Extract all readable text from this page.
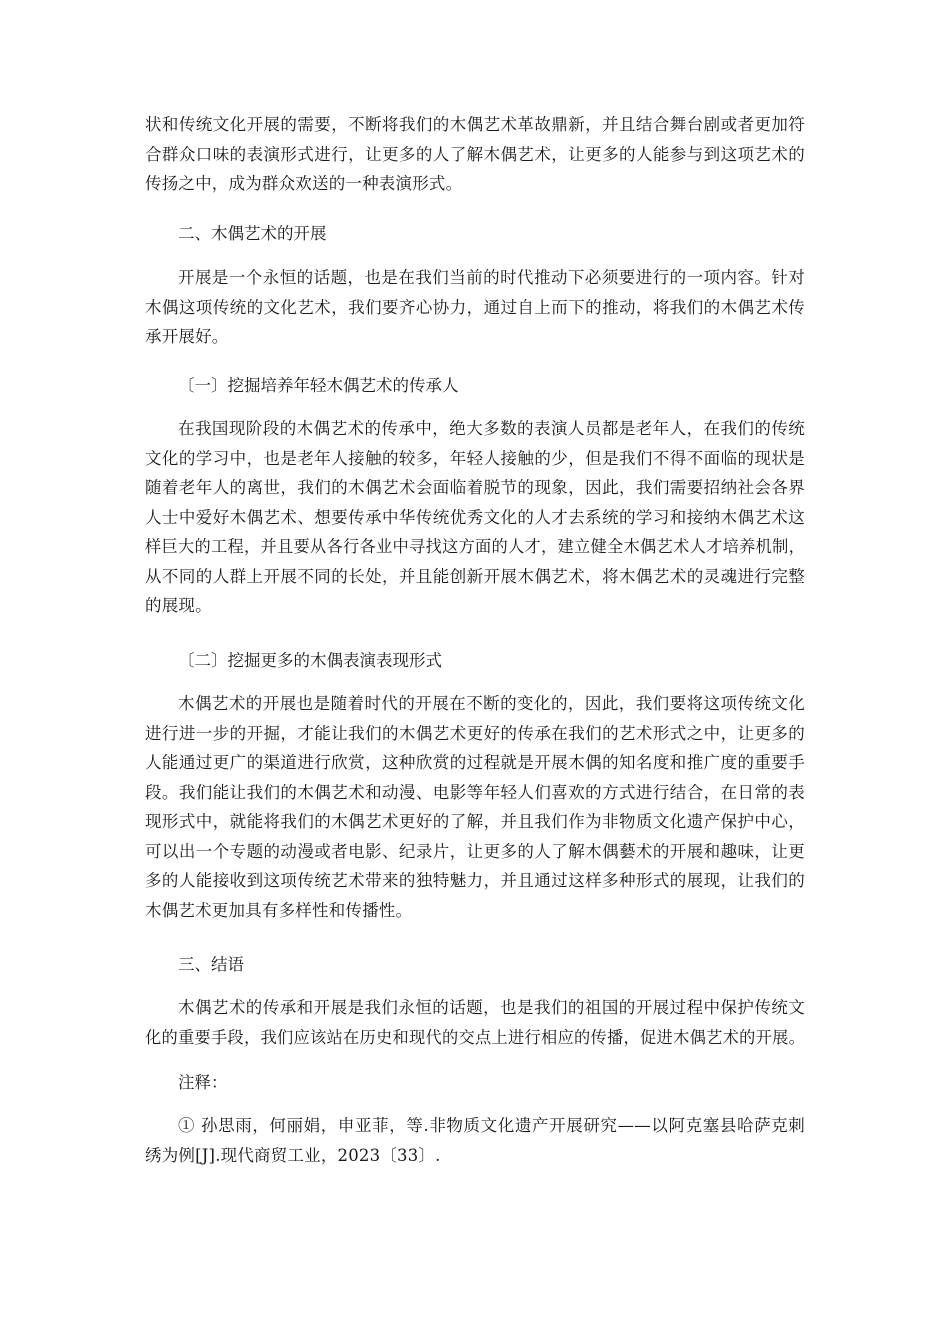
状和传统文化开展的需要，不断将我们的木偶艺术革故鼎新，并且结合舞台剧或者更加符
合群众口味的表演形式进行，让更多的人了解木偶艺术，让更多的人能参与到这项艺术的
传扬之中，成为群众欢送的一种表演形式。
二、木偶艺术的开展
开展是一个永恒的话题，也是在我们当前的时代推动下必须要进行的一项内容。针对
木偶这项传统的文化艺术，我们要齐心协力，通过自上而下的推动，将我们的木偶艺术传
承开展好。
〔一〕挖掘培养年轻木偶艺术的传承人
在我国现阶段的木偶艺术的传承中，绝大多数的表演人员都是老年人，在我们的传统
文化的学习中，也是老年人接触的较多，年轻人接触的少，但是我们不得不面临的现状是
随着老年人的离世，我们的木偶艺术会面临着脱节的现象，因此，我们需要招纳社会各界
人士中爱好木偶艺术、想要传承中华传统优秀文化的人才去系统的学习和接纳木偶艺术这
样巨大的工程，并且要从各行各业中寻找这方面的人才，建立健全木偶艺术人才培养机制，
从不同的人群上开展不同的长处，并且能创新开展木偶艺术，将木偶艺术的灵魂进行完整
的展现。
〔二〕挖掘更多的木偶表演表现形式
木偶艺术的开展也是随着时代的开展在不断的变化的，因此，我们要将这项传统文化
进行进一步的开掘，才能让我们的木偶艺术更好的传承在我们的艺术形式之中，让更多的
人能通过更广的渠道进行欣赏，这种欣赏的过程就是开展木偶的知名度和推广度的重要手
段。我们能让我们的木偶艺术和动漫、电影等年轻人们喜欢的方式进行结合，在日常的表
现形式中，就能将我们的木偶艺术更好的了解，并且我们作为非物质文化遗产保护中心，
可以出一个专题的动漫或者电影、纪录片，让更多的人了解木偶藝术的开展和趣味，让更
多的人能接收到这项传统艺术带来的独特魅力，并且通过这样多种形式的展现，让我们的
木偶艺术更加具有多样性和传播性。
三、结语
木偶艺术的传承和开展是我们永恒的话题，也是我们的祖国的开展过程中保护传统文
化的重要手段，我们应该站在历史和现代的交点上进行相应的传播，促进木偶艺术的开展。
注释：
① 孙思雨，何丽娟，申亚菲，等.非物质文化遗产开展研究——以阿克塞县哈萨克刺
绣为例[J].现代商贸工业，2023〔33〕.
